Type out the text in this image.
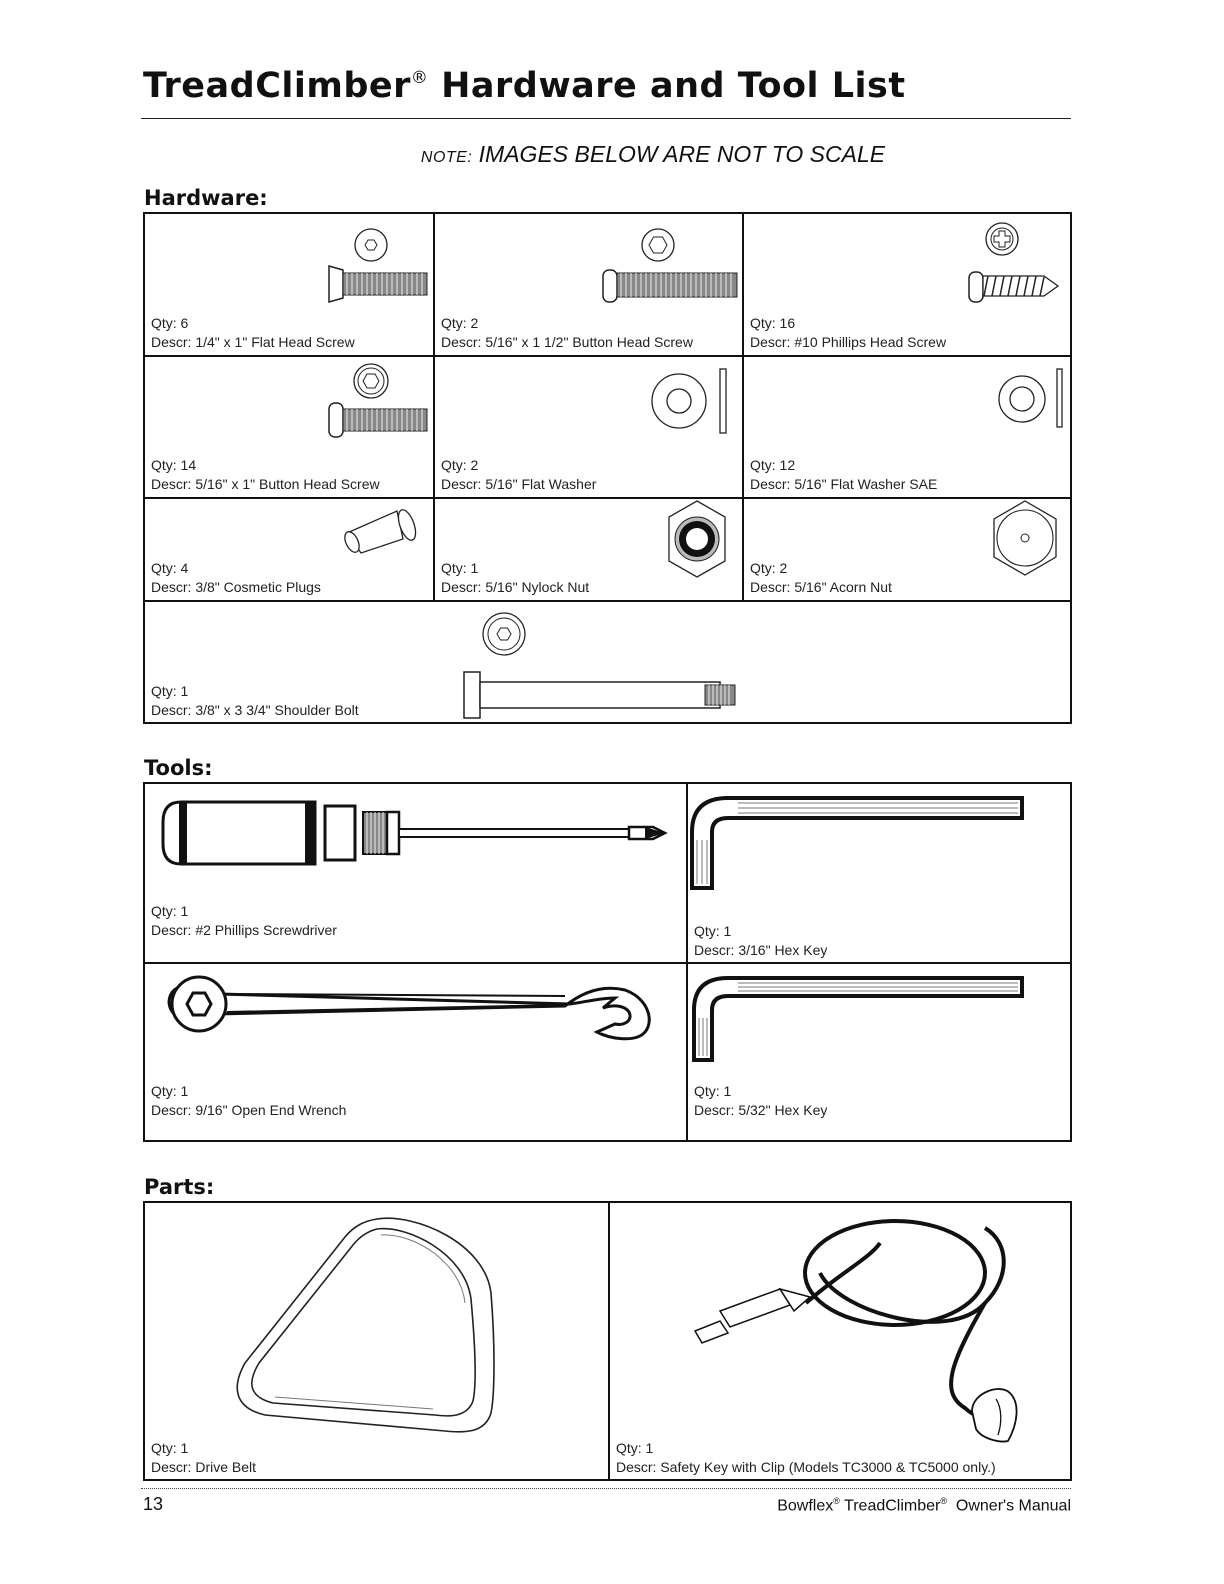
TreadClimber® Hardware and Tool List
NOTE: IMAGES BELOW ARE NOT TO SCALE
Hardware:
Qty: 6
Descr: 1/4" x 1" Flat Head Screw
Qty: 2
Descr: 5/16" x 1 1/2" Button Head Screw
Qty: 16
Descr: #10 Phillips Head Screw
Qty: 14
Descr: 5/16" x 1" Button Head Screw
Qty: 2
Descr: 5/16" Flat Washer
Qty: 12
Descr: 5/16" Flat Washer SAE
Qty: 4
Descr: 3/8" Cosmetic Plugs
Qty: 1
Descr: 5/16" Nylock Nut
Qty: 2
Descr: 5/16" Acorn Nut
Qty: 1
Descr: 3/8" x 3 3/4" Shoulder Bolt
Tools:
Qty: 1
Descr: #2 Phillips Screwdriver	Qty: 1
Descr: 3/16" Hex Key
Qty: 1
Descr: 9/16" Open End Wrench
Qty: 1
Descr: 5/32" Hex Key
Parts:
Qty: 1
Descr: Drive Belt
Qty: 1
Descr: Safety Key with Clip (Models TC3000 & TC5000 only.)
13	Bowflex® TreadClimber®  Owner's Manual
